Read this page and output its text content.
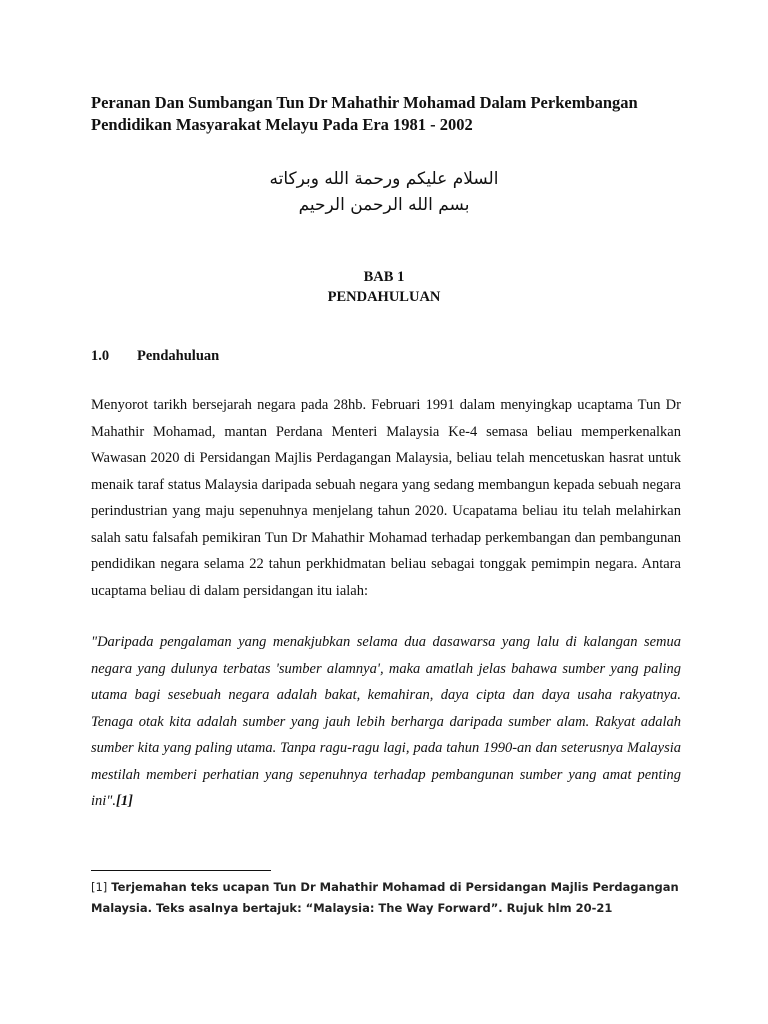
Peranan Dan Sumbangan Tun Dr Mahathir Mohamad Dalam Perkembangan Pendidikan Masyarakat Melayu Pada Era 1981 - 2002
السلام عليكم ورحمة الله وبركاته
بسم الله الرحمن الرحيم
BAB 1
PENDAHULUAN
1.0 Pendahuluan

Menyorot tarikh bersejarah negara pada 28hb. Februari 1991 dalam menyingkap ucaptama Tun Dr Mahathir Mohamad, mantan Perdana Menteri Malaysia Ke-4 semasa beliau memperkenalkan Wawasan 2020 di Persidangan Majlis Perdagangan Malaysia, beliau telah mencetuskan hasrat untuk menaik taraf status Malaysia daripada sebuah negara yang sedang membangun kepada sebuah negara perindustrian yang maju sepenuhnya menjelang tahun 2020. Ucapatama beliau itu telah melahirkan salah satu falsafah pemikiran Tun Dr Mahathir Mohamad terhadap perkembangan dan pembangunan pendidikan negara selama 22 tahun perkhidmatan beliau sebagai tonggak pemimpin negara. Antara ucaptama beliau di dalam persidangan itu ialah:

"Daripada pengalaman yang menakjubkan selama dua dasawarsa yang lalu di kalangan semua negara yang dulunya terbatas 'sumber alamnya', maka amatlah jelas bahawa sumber yang paling utama bagi sesebuah negara adalah bakat, kemahiran, daya cipta dan daya usaha rakyatnya. Tenaga otak kita adalah sumber yang jauh lebih berharga daripada sumber alam. Rakyat adalah sumber kita yang paling utama. Tanpa ragu-ragu lagi, pada tahun 1990-an dan seterusnya Malaysia mestilah memberi perhatian yang sepenuhnya terhadap pembangunan sumber yang amat penting ini".[1]

[1] Terjemahan teks ucapan Tun Dr Mahathir Mohamad di Persidangan Majlis Perdagangan Malaysia. Teks asalnya bertajuk: “Malaysia: The Way Forward”. Rujuk hlm 20-21
